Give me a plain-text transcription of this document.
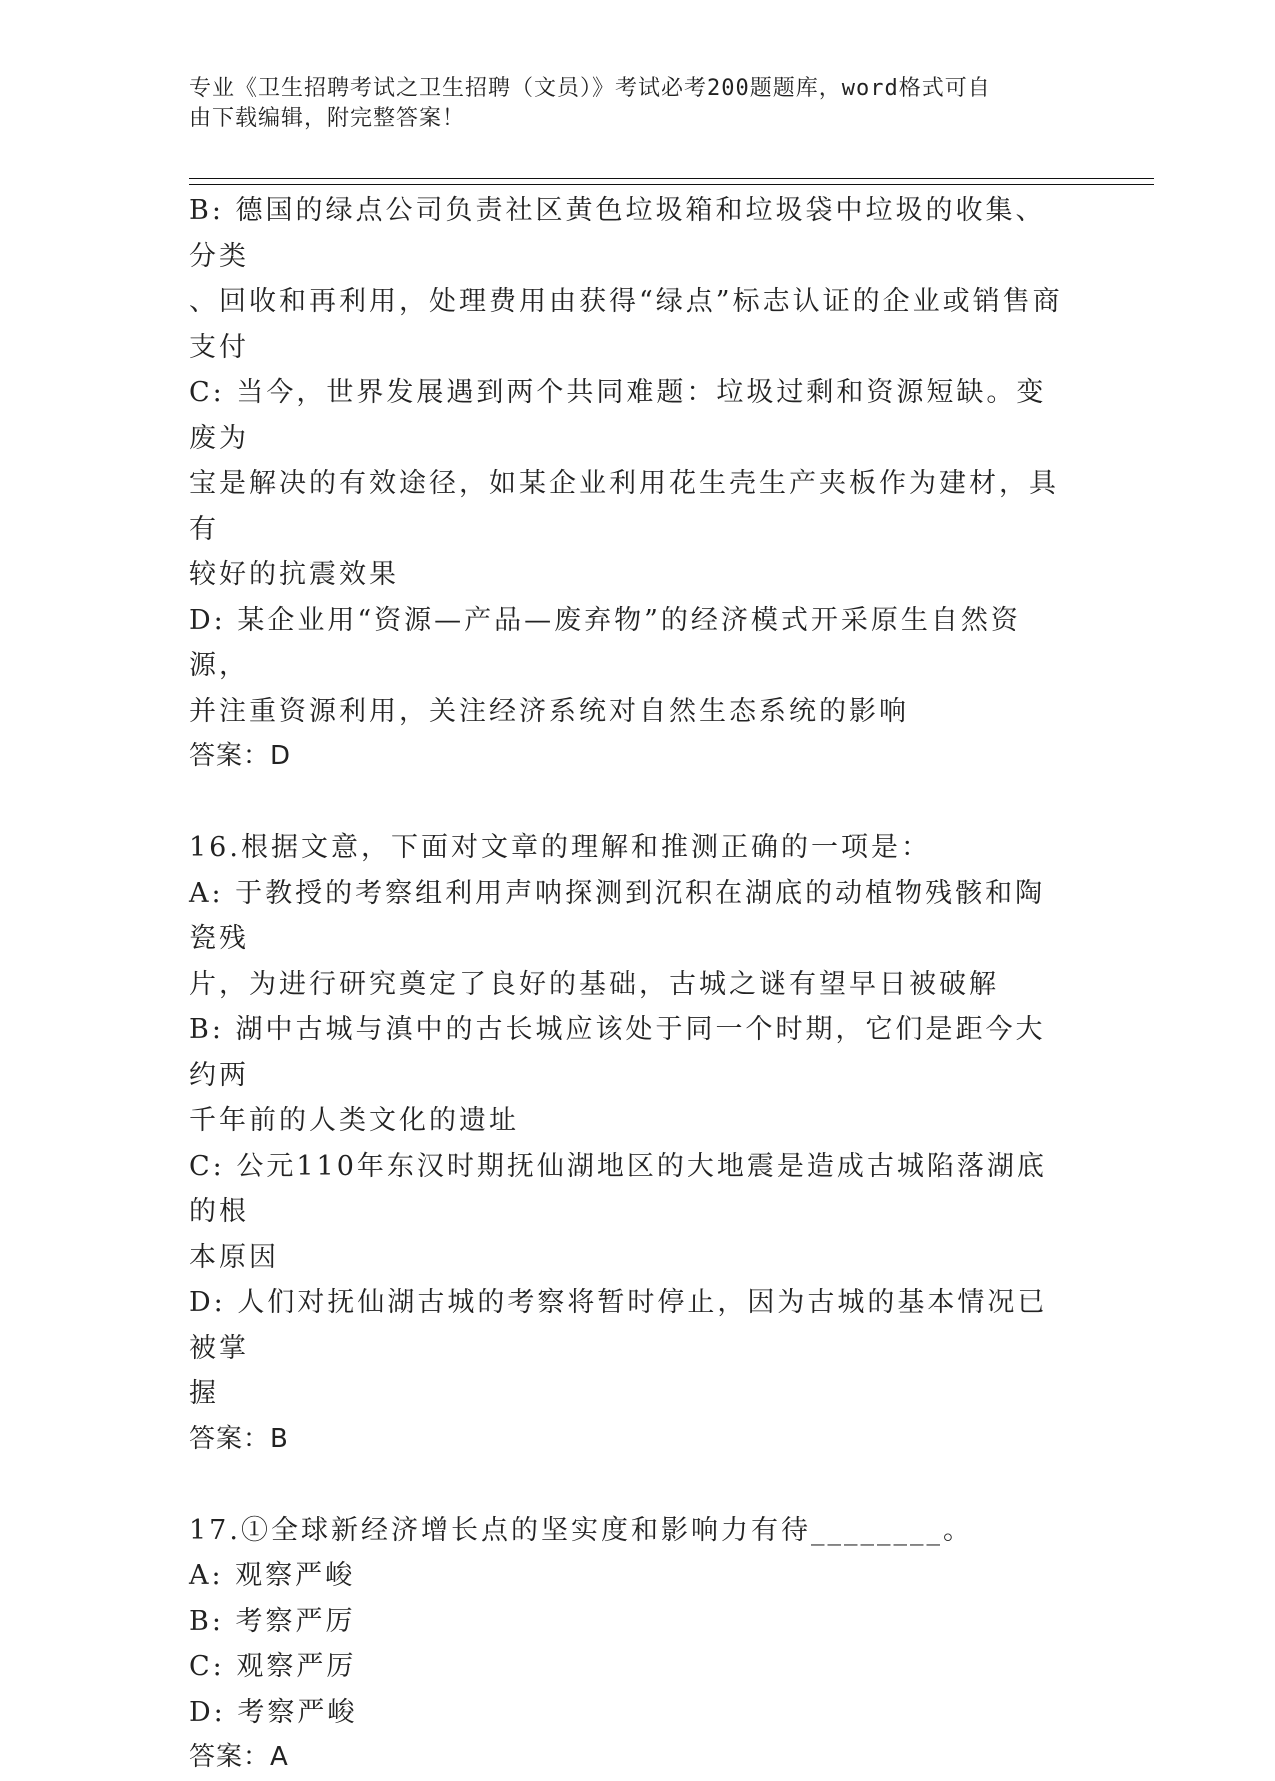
专业《卫生招聘考试之卫生招聘（文员）》考试必考200题题库，word格式可自
由下载编辑，附完整答案！

B: 德国的绿点公司负责社区黄色垃圾箱和垃圾袋中垃圾的收集、分类

、回收和再利用，处理费用由获得“绿点”标志认证的企业或销售商

支付

C: 当今，世界发展遇到两个共同难题：垃圾过剩和资源短缺。变废为

宝是解决的有效途径，如某企业利用花生壳生产夹板作为建材，具有

较好的抗震效果

D: 某企业用“资源—产品—废弃物”的经济模式开采原生自然资源，

并注重资源利用，关注经济系统对自然生态系统的影响

答案：D

16.根据文意，下面对文章的理解和推测正确的一项是：

A: 于教授的考察组利用声呐探测到沉积在湖底的动植物残骸和陶瓷残

片，为进行研究奠定了良好的基础，古城之谜有望早日被破解

B: 湖中古城与滇中的古长城应该处于同一个时期，它们是距今大约两

千年前的人类文化的遗址

C: 公元110年东汉时期抚仙湖地区的大地震是造成古城陷落湖底的根

本原因

D: 人们对抚仙湖古城的考察将暂时停止，因为古城的基本情况已被掌

握

答案：B

17.①全球新经济增长点的坚实度和影响力有待________。

A: 观察严峻

B: 考察严厉

C: 观察严厉

D: 考察严峻

答案：A
